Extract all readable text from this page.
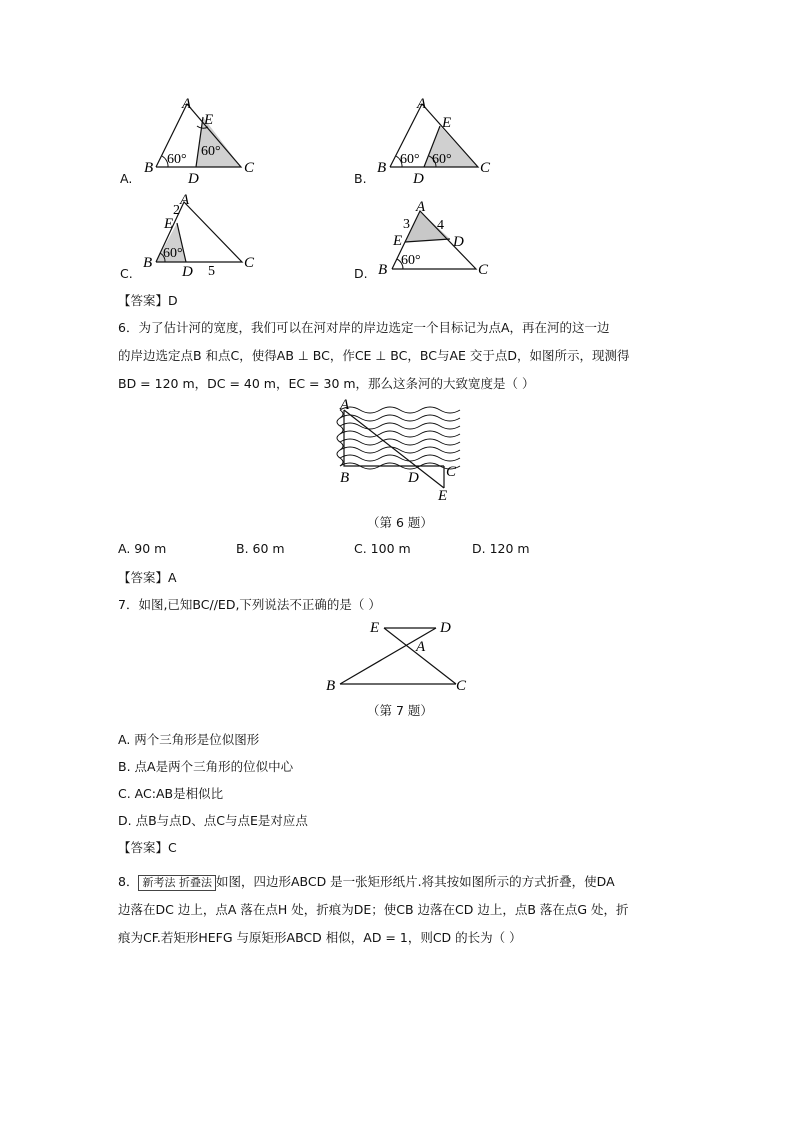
A.
A
B	C
D
E
60°
60°
B.
A
B	C
D
E
60° 60°
C.
A
B	C
D
E
2
5
60°
D.
A
B	C
D
E
3 4
60°
【答案】D
6．为了估计河的宽度，我们可以在河对岸的岸边选定一个目标记为点A，再在河的这一边
的岸边选定点B 和点C，使得AB ⊥ BC，作CE ⊥ BC，BC与AE 交于点D，如图所示，现测得
BD = 120 m，DC = 40 m，EC = 30 m，那么这条河的大致宽度是（ ）
A
B	C
D
E
（第 6 题）
A. 90 m	B. 60 m	C. 100 m	D. 120 m
【答案】A
7．如图,已知BC//ED,下列说法不正确的是（ ）
E	D
A
B	C
（第 7 题）
A. 两个三角形是位似图形
B. 点A是两个三角形的位似中心
C. AC:AB是相似比
D. 点B与点D、点C与点E是对应点
【答案】C
8． 新考法 折叠法 如图，四边形ABCD 是一张矩形纸片.将其按如图所示的方式折叠，使DA
边落在DC 边上，点A 落在点H 处，折痕为DE；使CB 边落在CD 边上，点B 落在点G 处，折
痕为CF.若矩形HEFG 与原矩形ABCD 相似，AD = 1，则CD 的长为（ ）
